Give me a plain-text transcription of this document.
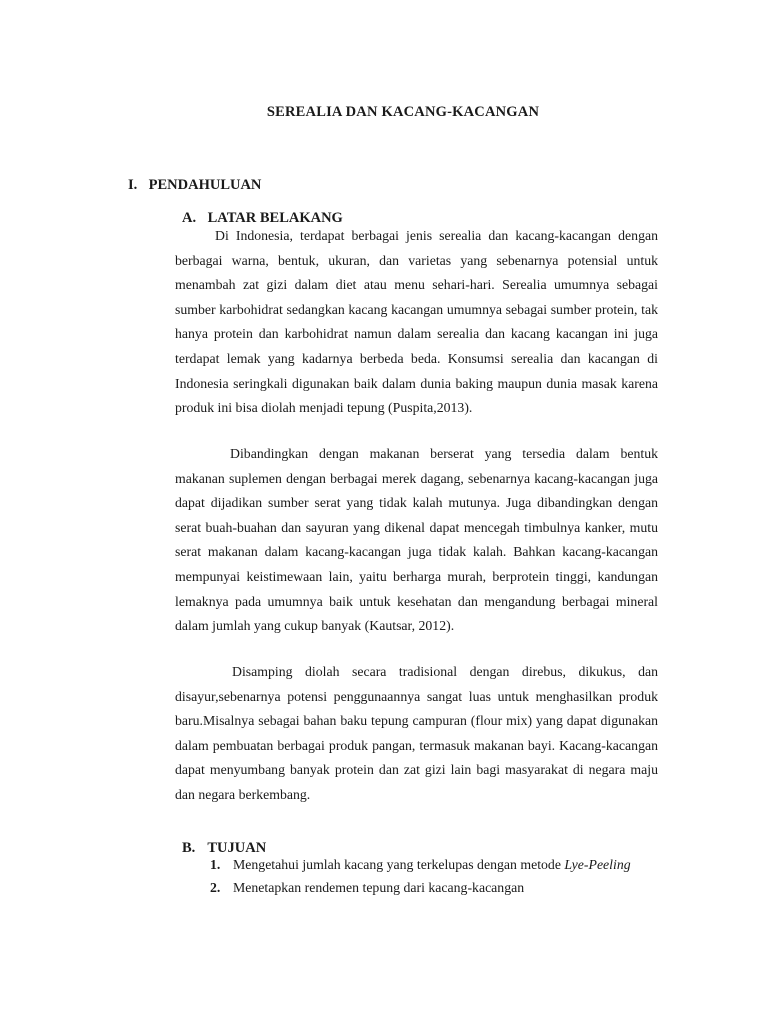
SEREALIA DAN KACANG-KACANGAN
I. PENDAHULUAN
A. LATAR BELAKANG

Di Indonesia, terdapat berbagai jenis serealia dan kacang-kacangan dengan berbagai warna, bentuk, ukuran, dan varietas yang sebenarnya potensial untuk menambah zat gizi dalam diet atau menu sehari-hari. Serealia umumnya sebagai sumber karbohidrat sedangkan kacang kacangan umumnya sebagai sumber protein, tak hanya protein dan karbohidrat namun dalam serealia dan kacang kacangan ini juga terdapat lemak yang kadarnya berbeda beda. Konsumsi serealia dan kacangan di Indonesia seringkali digunakan baik dalam dunia baking maupun dunia masak karena produk ini bisa diolah menjadi tepung (Puspita,2013).

Dibandingkan dengan makanan berserat yang tersedia dalam bentuk makanan suplemen dengan berbagai merek dagang, sebenarnya kacang-kacangan juga dapat dijadikan sumber serat yang tidak kalah mutunya. Juga dibandingkan dengan serat buah-buahan dan sayuran yang dikenal dapat mencegah timbulnya kanker, mutu serat makanan dalam kacang-kacangan juga tidak kalah. Bahkan kacang-kacangan mempunyai keistimewaan lain, yaitu berharga murah, berprotein tinggi, kandungan lemaknya pada umumnya baik untuk kesehatan dan mengandung berbagai mineral dalam jumlah yang cukup banyak (Kautsar, 2012).

Disamping diolah secara tradisional dengan direbus, dikukus, dan disayur,sebenarnya potensi penggunaannya sangat luas untuk menghasilkan produk baru.Misalnya sebagai bahan baku tepung campuran (flour mix) yang dapat digunakan dalam pembuatan berbagai produk pangan, termasuk makanan bayi. Kacang-kacangan dapat menyumbang banyak protein dan zat gizi lain bagi masyarakat di negara maju dan negara berkembang.

B. TUJUAN
1. Mengetahui jumlah kacang yang terkelupas dengan metode Lye-Peeling
2. Menetapkan rendemen tepung dari kacang-kacangan
